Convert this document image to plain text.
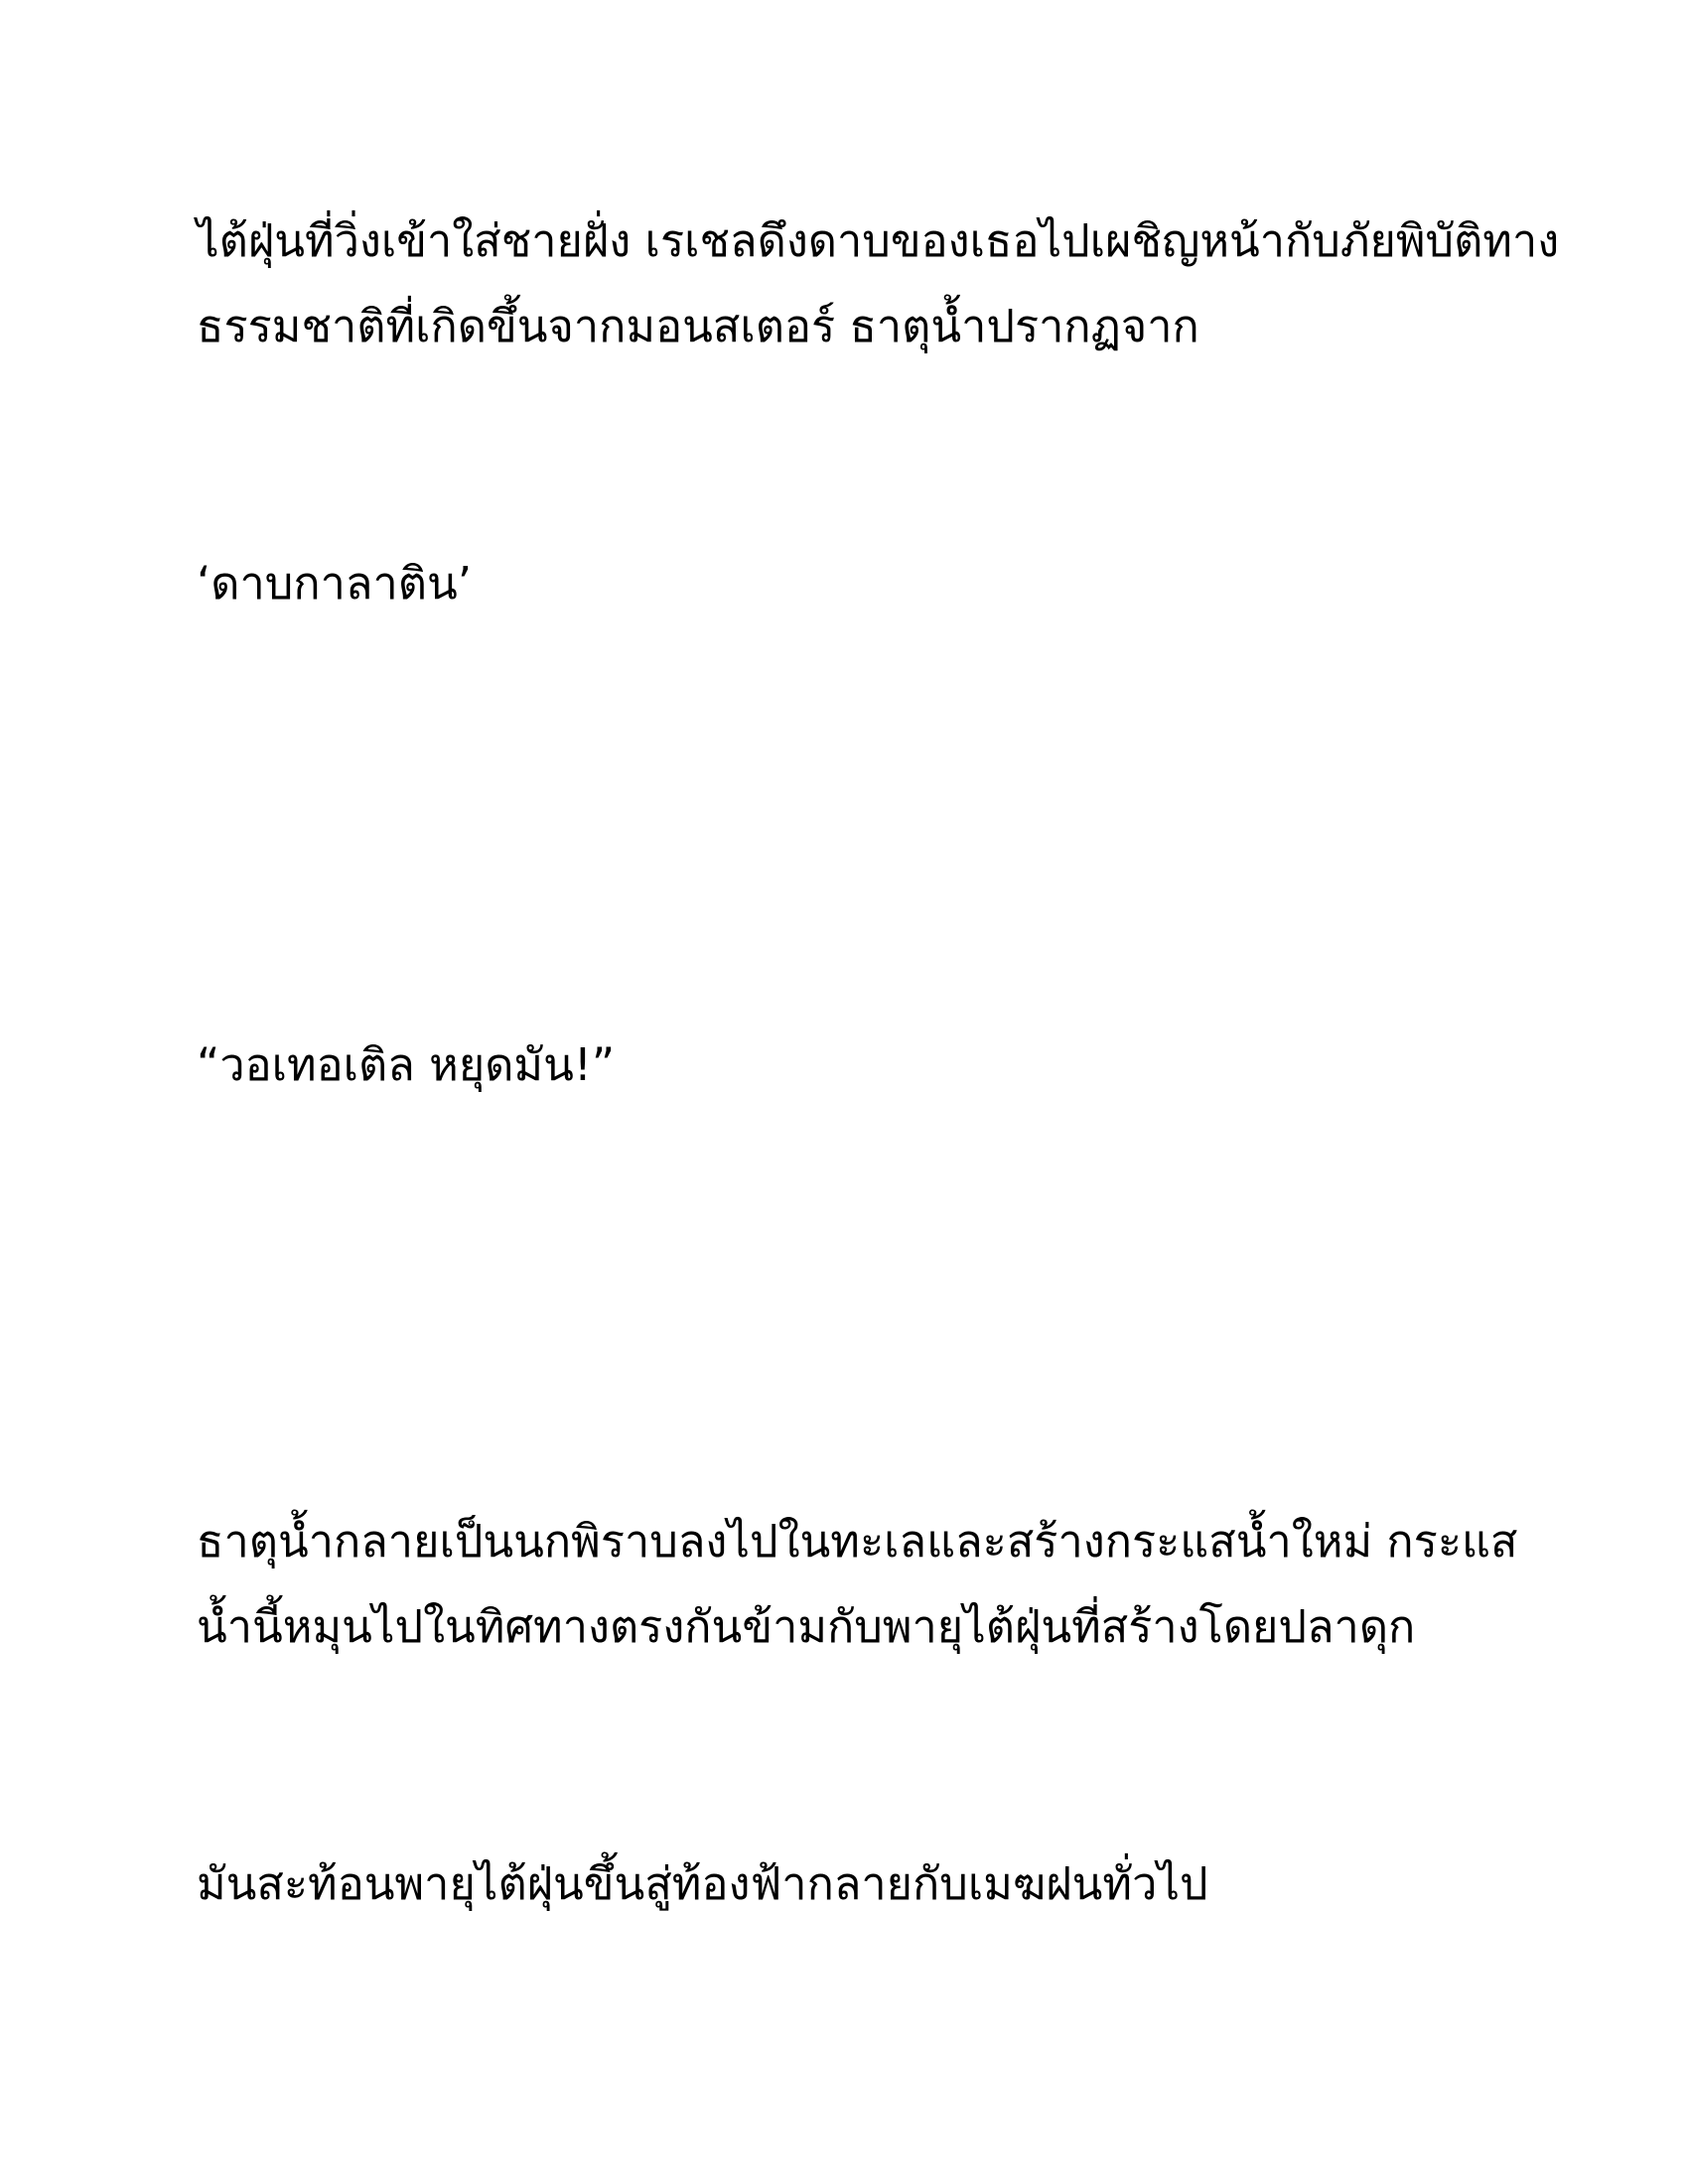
ไต้ฝุ่นที่วิ่งเข้าใส่ชายฝั่ง เรเชลดึงดาบของเธอไปเผชิญหน้ากับภัยพิบัติทาง
ธรรมชาติที่เกิดขึ้นจากมอนสเตอร์ ธาตุน้ำปรากฏจาก

‘ดาบกาลาติน’

“วอเทอเติล หยุดมัน!”

ธาตุน้ำกลายเป็นนกพิราบลงไปในทะเลและสร้างกระแสน้ำใหม่ กระแส
น้ำนี้หมุนไปในทิศทางตรงกันข้ามกับพายุไต้ฝุ่นที่สร้างโดยปลาดุก

มันสะท้อนพายุไต้ฝุ่นขึ้นสู่ท้องฟ้ากลายกับเมฆฝนทั่วไป
